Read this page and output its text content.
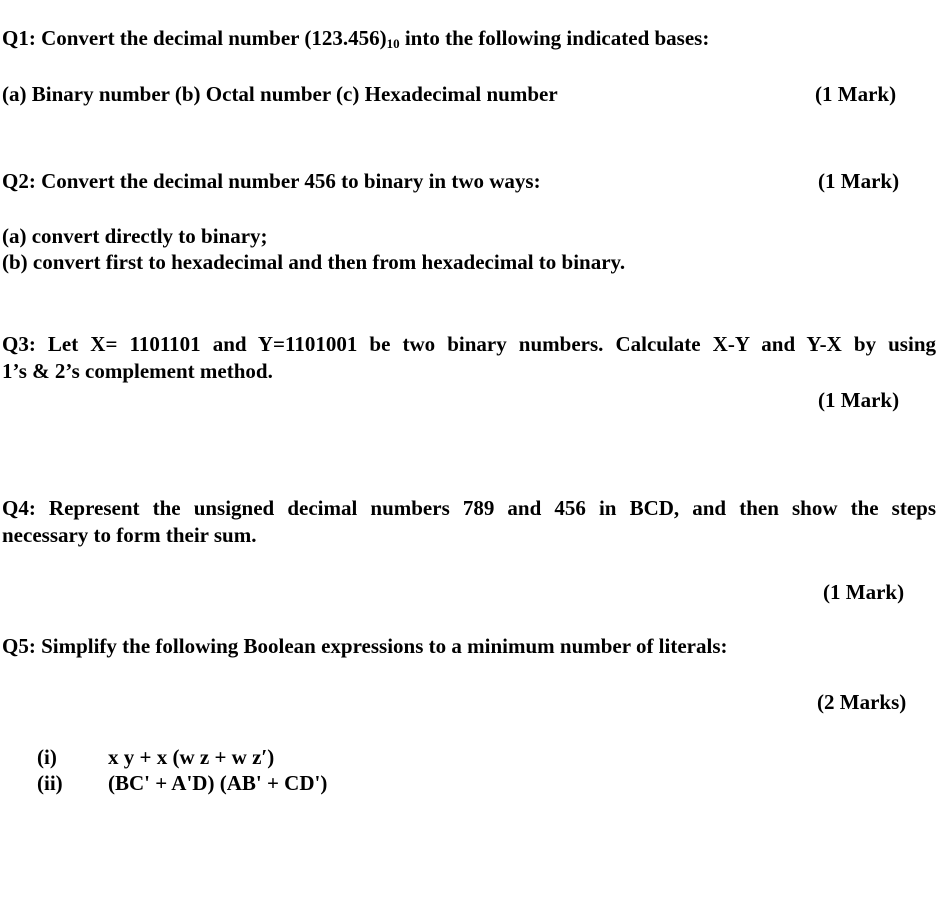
Q1: Convert the decimal number $(123.456)_{10}$ into the following indicated bases:
(a) Binary number (b) Octal number (c) Hexadecimal number	(1 Mark)
Q2: Convert the decimal number 456 to binary in two ways:	(1 Mark)
(a) convert directly to binary;
(b) convert first to hexadecimal and then from hexadecimal to binary.
Q3: Let X= 1101101 and Y=1101001 be two binary numbers. Calculate X-Y and Y-X by using
1’s & 2’s complement method.
(1 Mark)
Q4: Represent the unsigned decimal numbers 789 and 456 in BCD, and then show the steps
necessary to form their sum.
(1 Mark)
Q5: Simplify the following Boolean expressions to a minimum number of literals:
(2 Marks)
(i) x y + x (w z + w z′)
(ii) (BC' + A'D) (AB' + CD')
